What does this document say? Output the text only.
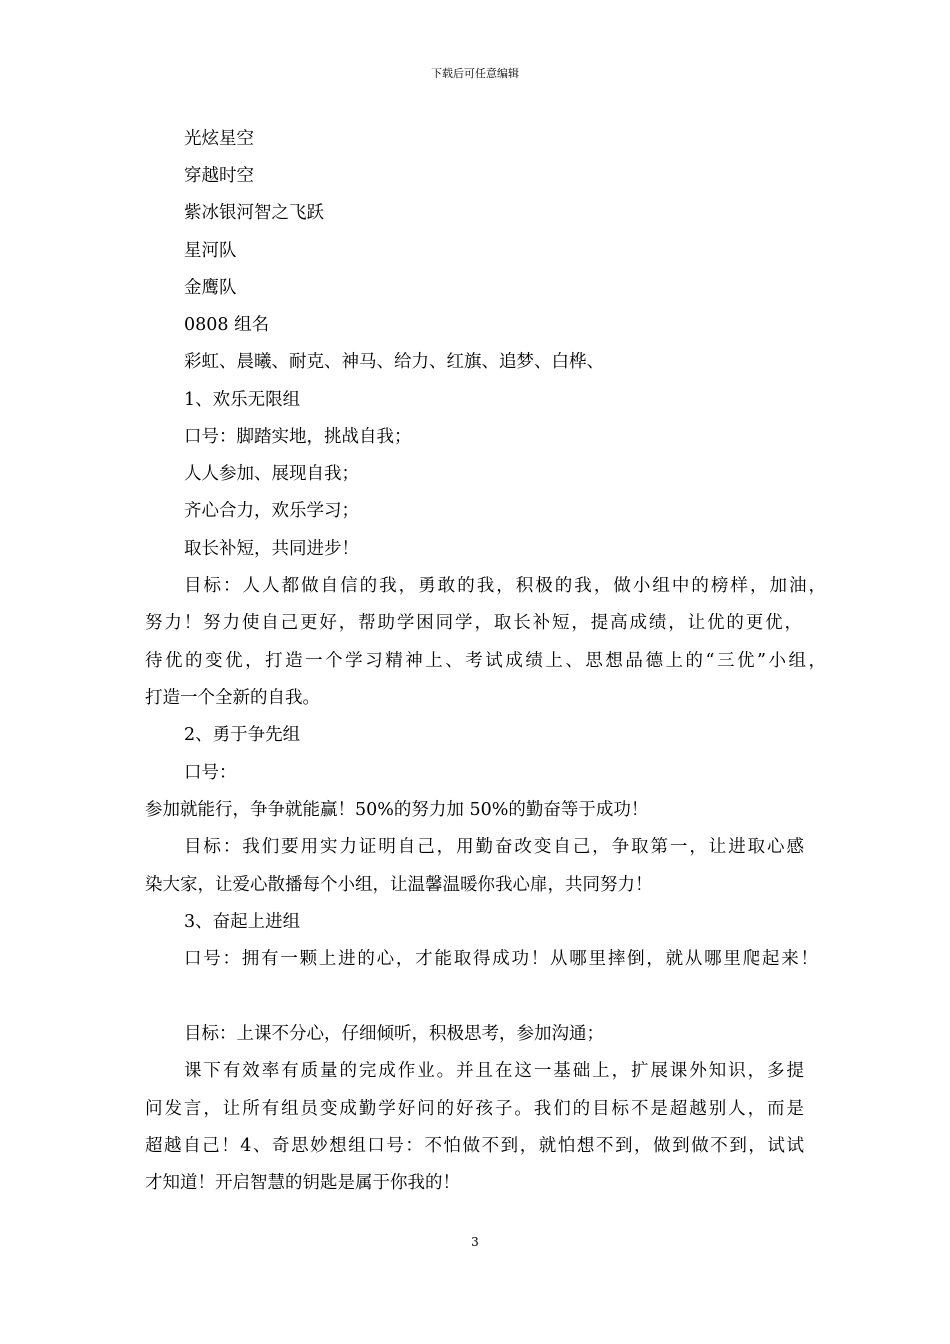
下载后可任意编辑
光炫星空
穿越时空
紫冰银河智之飞跃
星河队
金鹰队
0808 组名
彩虹、晨曦、耐克、神马、给力、红旗、追梦、白桦、
1、欢乐无限组
口号：脚踏实地，挑战自我；
人人参加、展现自我；
齐心合力，欢乐学习；
取长补短，共同进步！
目标：人人都做自信的我，勇敢的我，积极的我，做小组中的榜样，加油，
努力！努力使自己更好，帮助学困同学，取长补短，提高成绩，让优的更优，
待优的变优，打造一个学习精神上、考试成绩上、思想品德上的“三优”小组，
打造一个全新的自我。
2、勇于争先组
口号：
参加就能行，争争就能赢！50%的努力加 50%的勤奋等于成功！
目标：我们要用实力证明自己，用勤奋改变自己，争取第一，让进取心感
染大家，让爱心散播每个小组，让温馨温暖你我心扉，共同努力！
3、奋起上进组
口号：拥有一颗上进的心，才能取得成功！从哪里摔倒，就从哪里爬起来！
目标：上课不分心，仔细倾听，积极思考，参加沟通；
课下有效率有质量的完成作业。并且在这一基础上，扩展课外知识，多提
问发言，让所有组员变成勤学好问的好孩子。我们的目标不是超越别人，而是
超越自己！4、奇思妙想组口号：不怕做不到，就怕想不到，做到做不到，试试
才知道！开启智慧的钥匙是属于你我的！
3
